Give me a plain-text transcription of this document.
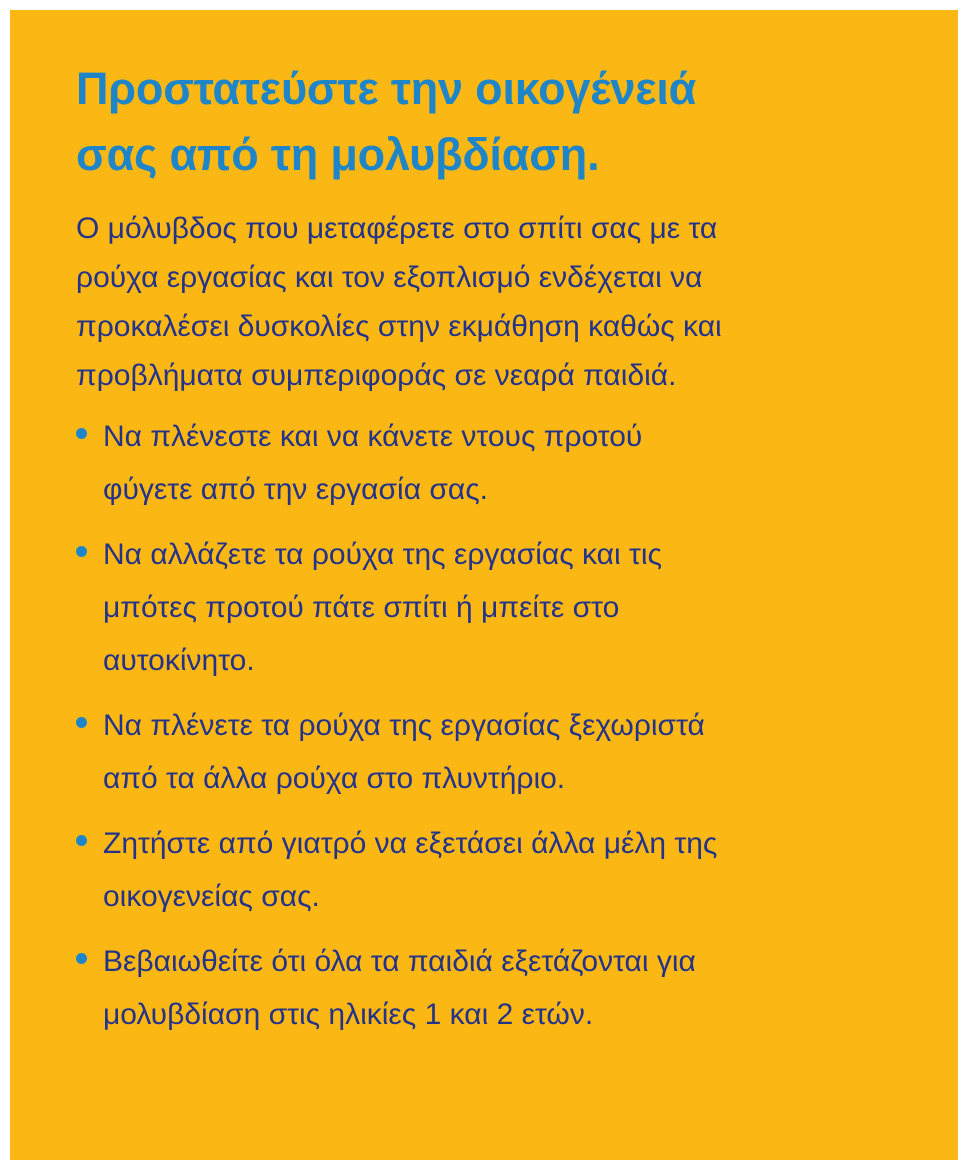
Προστατεύστε την οικογένειά
σας από τη μολυβδίαση.

Ο μόλυβδος που μεταφέρετε στο σπίτι σας με τα
ρούχα εργασίας και τον εξοπλισμό ενδέχεται να
προκαλέσει δυσκολίες στην εκμάθηση καθώς και
προβλήματα συμπεριφοράς σε νεαρά παιδιά.

Να πλένεστε και να κάνετε ντους προτού
φύγετε από την εργασία σας.
Να αλλάζετε τα ρούχα της εργασίας και τις
μπότες προτού πάτε σπίτι ή μπείτε στο
αυτοκίνητο.
Να πλένετε τα ρούχα της εργασίας ξεχωριστά
από τα άλλα ρούχα στο πλυντήριο.
Ζητήστε από γιατρό να εξετάσει άλλα μέλη της
οικογενείας σας.
Βεβαιωθείτε ότι όλα τα παιδιά εξετάζονται για
μολυβδίαση στις ηλικίες 1 και 2 ετών.
